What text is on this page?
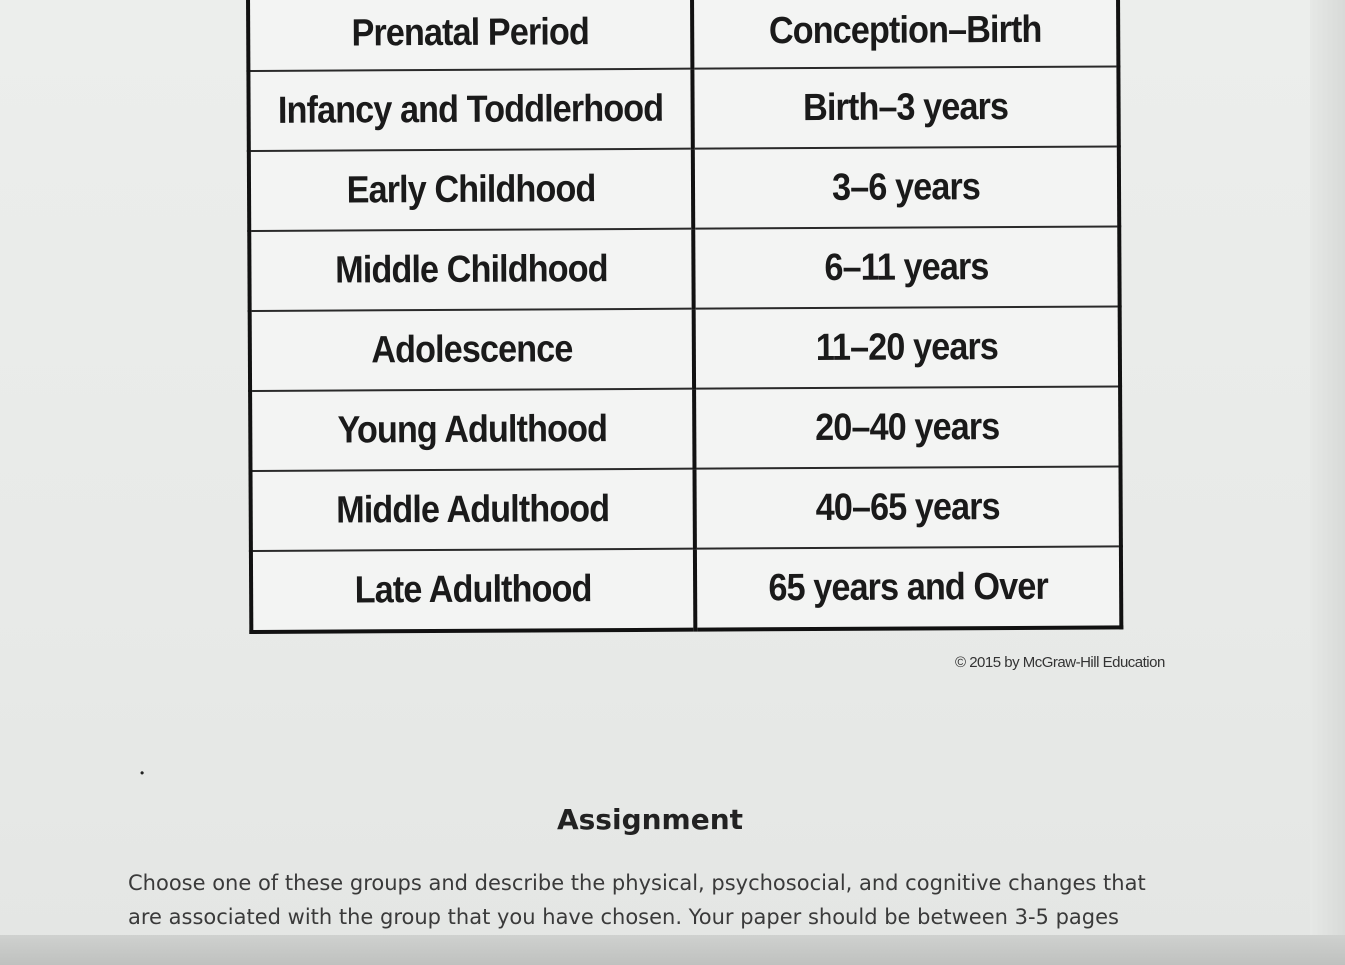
Prenatal Period	Conception–Birth
Infancy and Toddlerhood	Birth–3 years
Early Childhood	3–6 years
Middle Childhood	6–11 years
Adolescence	11–20 years
Young Adulthood	20–40 years
Middle Adulthood	40–65 years
Late Adulthood	65 years and Over
© 2015 by McGraw-Hill Education
•
Assignment
Choose one of these groups and describe the physical, psychosocial, and cognitive changes that are associated with the group that you have chosen. Your paper should be between 3-5 pages
